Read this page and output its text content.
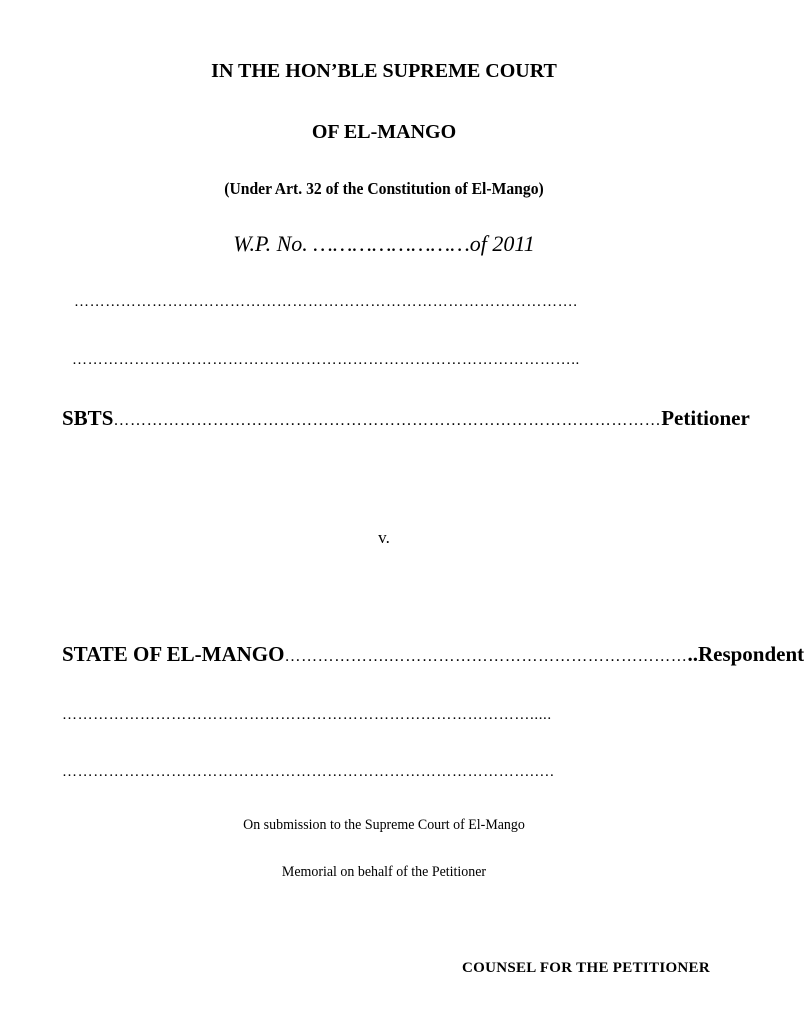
IN THE HON’BLE SUPREME COURT
OF EL-MANGO
(Under Art. 32 of the Constitution of El-Mango)
W.P. No. ……………………of 2011
…………………………………………………………………………………….
……………………………………………………………………………………..
SBTS ……………………………………………………………………………………… Petitioner
v.
STATE OF EL-MANGO ……………….……………………………………………… ..Respondent
……………………………………………………………………………….....
……………………………………………………………………………….….
On submission to the Supreme Court of El-Mango
Memorial on behalf of the Petitioner
COUNSEL FOR THE PETITIONER
